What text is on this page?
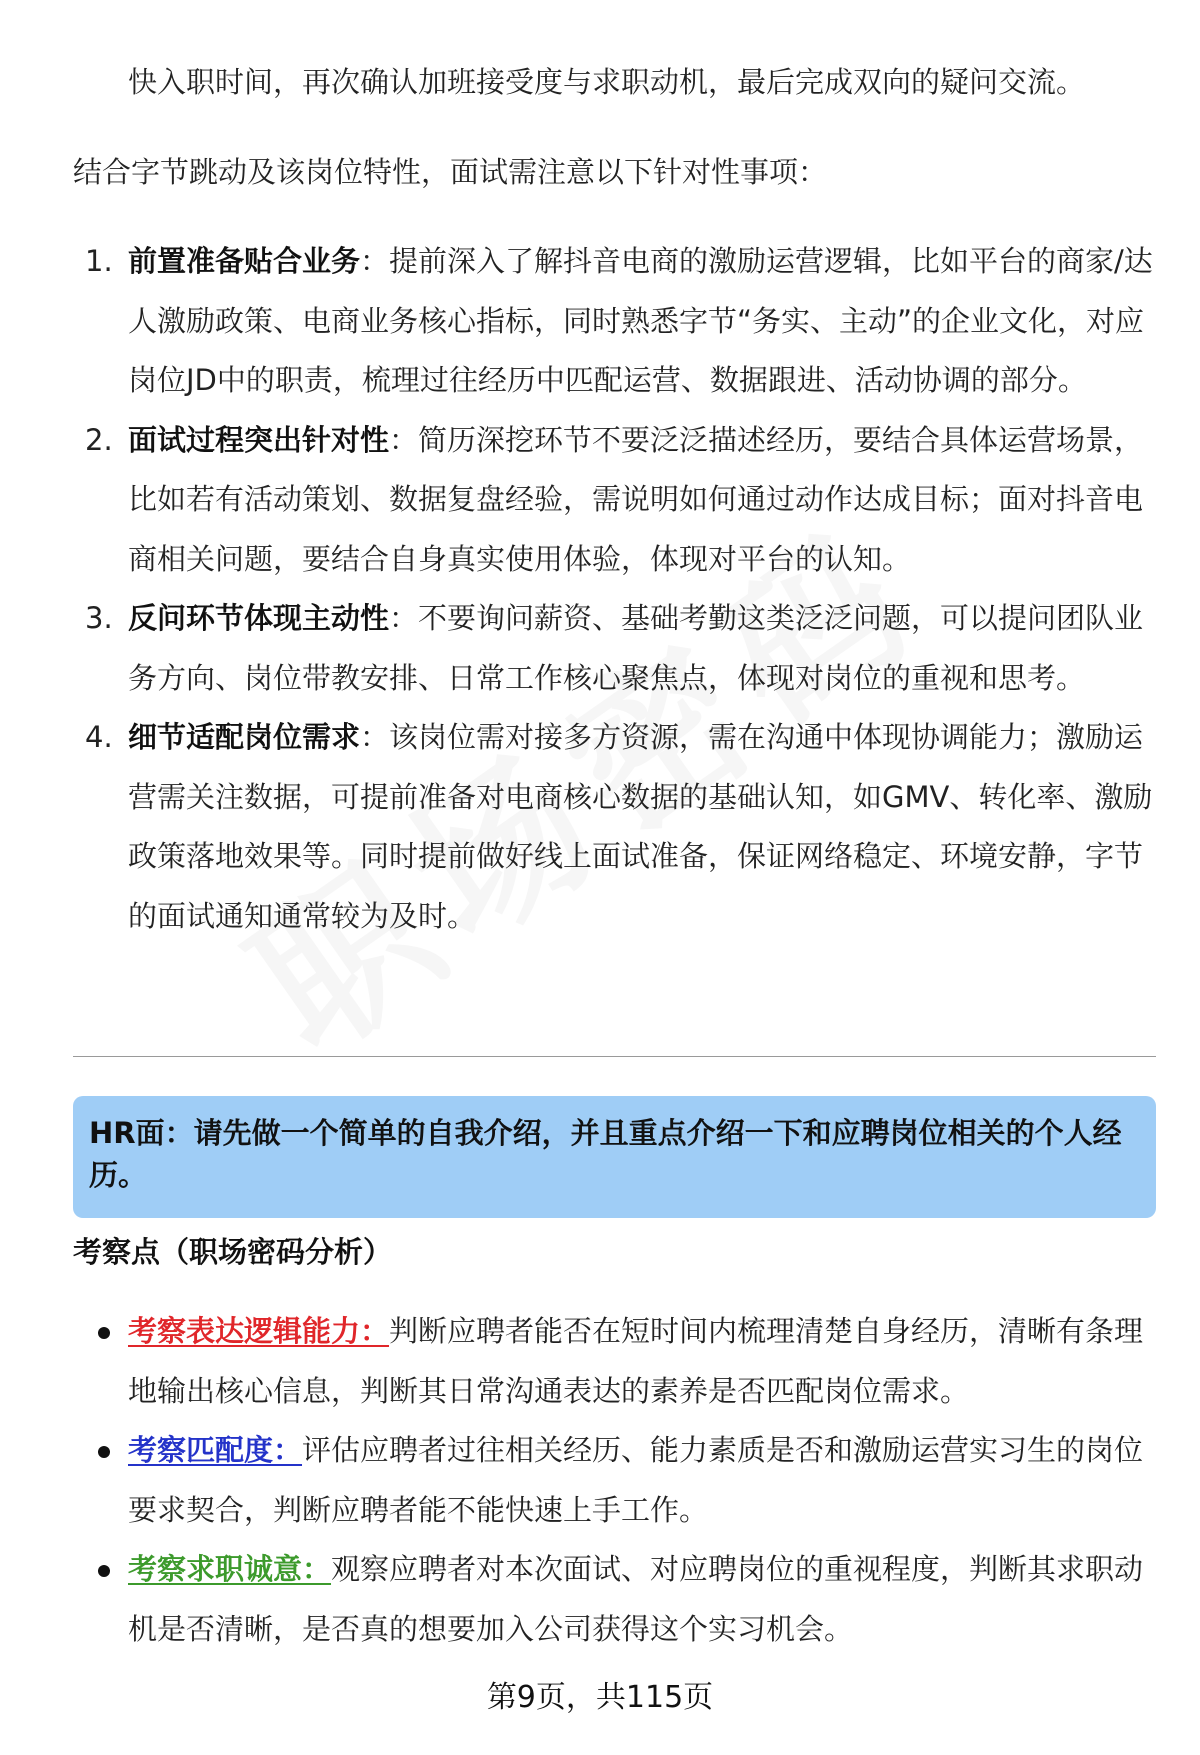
快入职时间，再次确认加班接受度与求职动机，最后完成双向的疑问交流。
结合字节跳动及该岗位特性，面试需注意以下针对性事项：
1. 前置准备贴合业务：提前深入了解抖音电商的激励运营逻辑，比如平台的商家/达人激励政策、电商业务核心指标，同时熟悉字节“务实、主动”的企业文化，对应岗位JD中的职责，梳理过往经历中匹配运营、数据跟进、活动协调的部分。
2. 面试过程突出针对性：简历深挖环节不要泛泛描述经历，要结合具体运营场景，比如若有活动策划、数据复盘经验，需说明如何通过动作达成目标；面对抖音电商相关问题，要结合自身真实使用体验，体现对平台的认知。
3. 反问环节体现主动性：不要询问薪资、基础考勤这类泛泛问题，可以提问团队业务方向、岗位带教安排、日常工作核心聚焦点，体现对岗位的重视和思考。
4. 细节适配岗位需求：该岗位需对接多方资源，需在沟通中体现协调能力；激励运营需关注数据，可提前准备对电商核心数据的基础认知，如GMV、转化率、激励政策落地效果等。同时提前做好线上面试准备，保证网络稳定、环境安静，字节的面试通知通常较为及时。
HR面：请先做一个简单的自我介绍，并且重点介绍一下和应聘岗位相关的个人经历。
考察点（职场密码分析）
考察表达逻辑能力：判断应聘者能否在短时间内梳理清楚自身经历，清晰有条理地输出核心信息，判断其日常沟通表达的素养是否匹配岗位需求。
考察匹配度：评估应聘者过往相关经历、能力素质是否和激励运营实习生的岗位要求契合，判断应聘者能不能快速上手工作。
考察求职诚意：观察应聘者对本次面试、对应聘岗位的重视程度，判断其求职动机是否清晰，是否真的想要加入公司获得这个实习机会。
第9页，共115页
